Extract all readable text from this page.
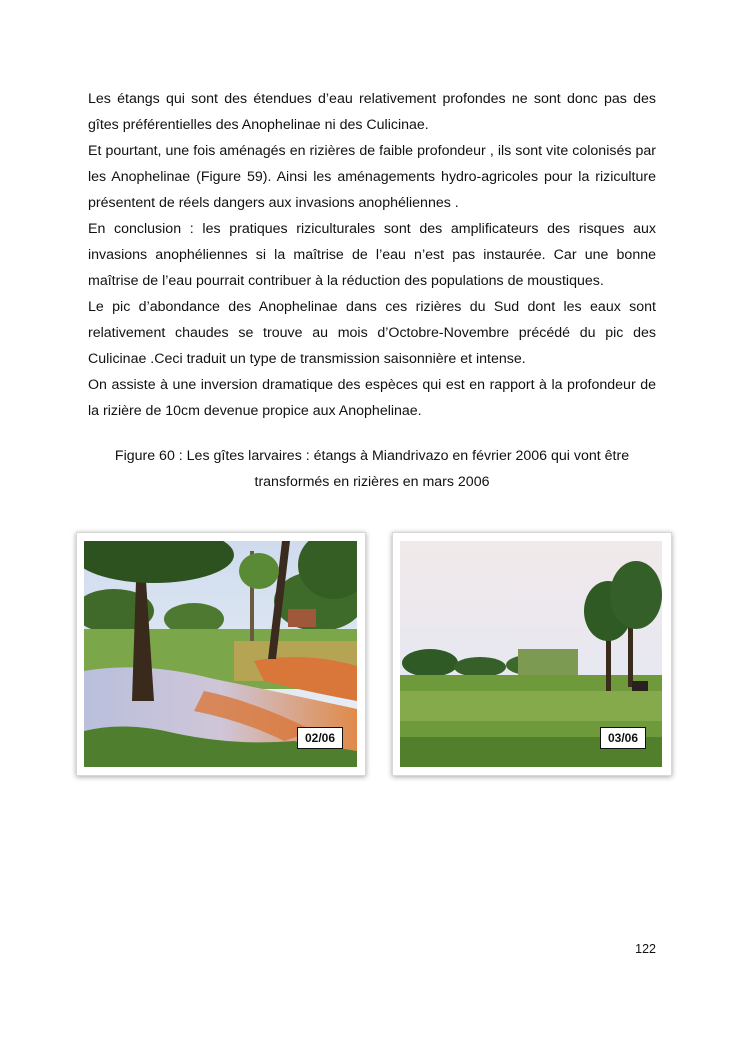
Les étangs qui sont des étendues d’eau relativement profondes ne sont donc pas des gîtes préférentielles des Anophelinae ni des Culicinae.

Et pourtant, une fois aménagés en rizières de faible profondeur , ils sont vite colonisés par les Anophelinae (Figure 59). Ainsi les aménagements hydro-agricoles pour la riziculture présentent de réels dangers aux invasions anophéliennes .

En conclusion : les pratiques rizicultural​es sont des amplificateurs des risques aux invasions anophéliennes si la maîtrise de l’eau n’est pas instaurée. Car une bonne maîtrise de l’eau pourrait contribuer à la réduction des populations de moustiques.

Le pic d’abondance des Anophelinae dans ces rizières du Sud dont les eaux sont relativement chaudes se trouve au mois d’Octobre-Novembre précédé du pic des Culicinae .Ceci traduit un type de transmission saisonnière et intense.

On assiste à une inversion dramatique des espèces qui est en rapport à la profondeur de la rizière de 10cm devenue propice aux Anophelinae.

Figure 60 : Les gîtes larvaires : étangs à Miandrivazo en février 2006 qui vont être
transformés en rizières en mars 2006
02/06	03/06
122
